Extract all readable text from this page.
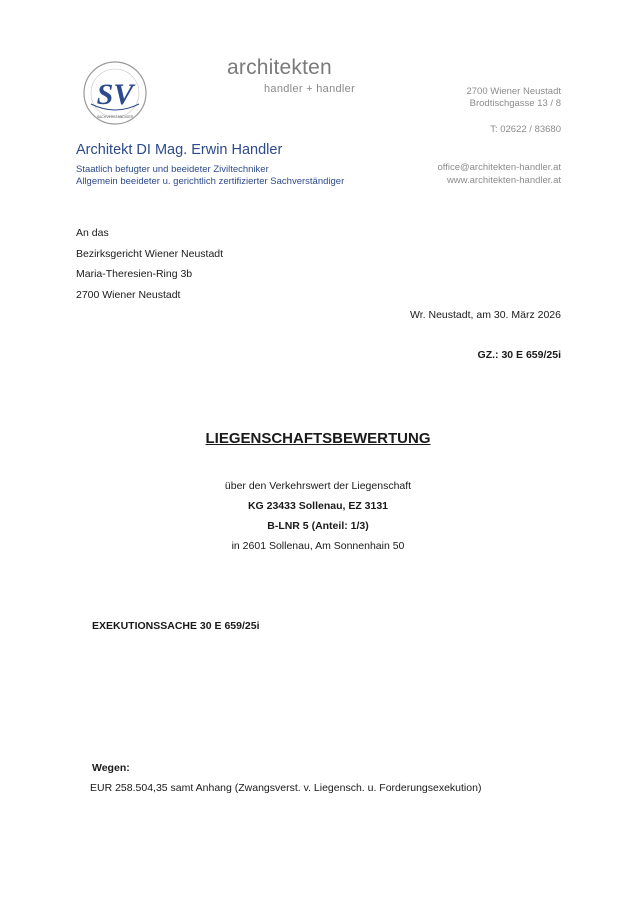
SV
SACHVERSTÄNDIGER
architekten
handler + handler	2700 Wiener Neustadt
Brodtischgasse 13 / 8
T: 02622 / 83680
office@architekten-handler.at
www.architekten-handler.at
Architekt DI Mag. Erwin Handler
Staatlich befugter und beeideter Ziviltechniker
Allgemein beeideter u. gerichtlich zertifizierter Sachverständiger
An das
Bezirksgericht Wiener Neustadt
Maria-Theresien-Ring 3b
2700 Wiener Neustadt
Wr. Neustadt, am 30. März 2026
GZ.: 30 E 659/25i
LIEGENSCHAFTSBEWERTUNG
über den Verkehrswert der Liegenschaft
KG 23433 Sollenau, EZ 3131
B-LNR 5 (Anteil: 1/3)
in 2601 Sollenau, Am Sonnenhain 50
EXEKUTIONSSACHE 30 E 659/25i
Wegen:
EUR 258.504,35 samt Anhang (Zwangsverst. v. Liegensch. u. Forderungsexekution)
